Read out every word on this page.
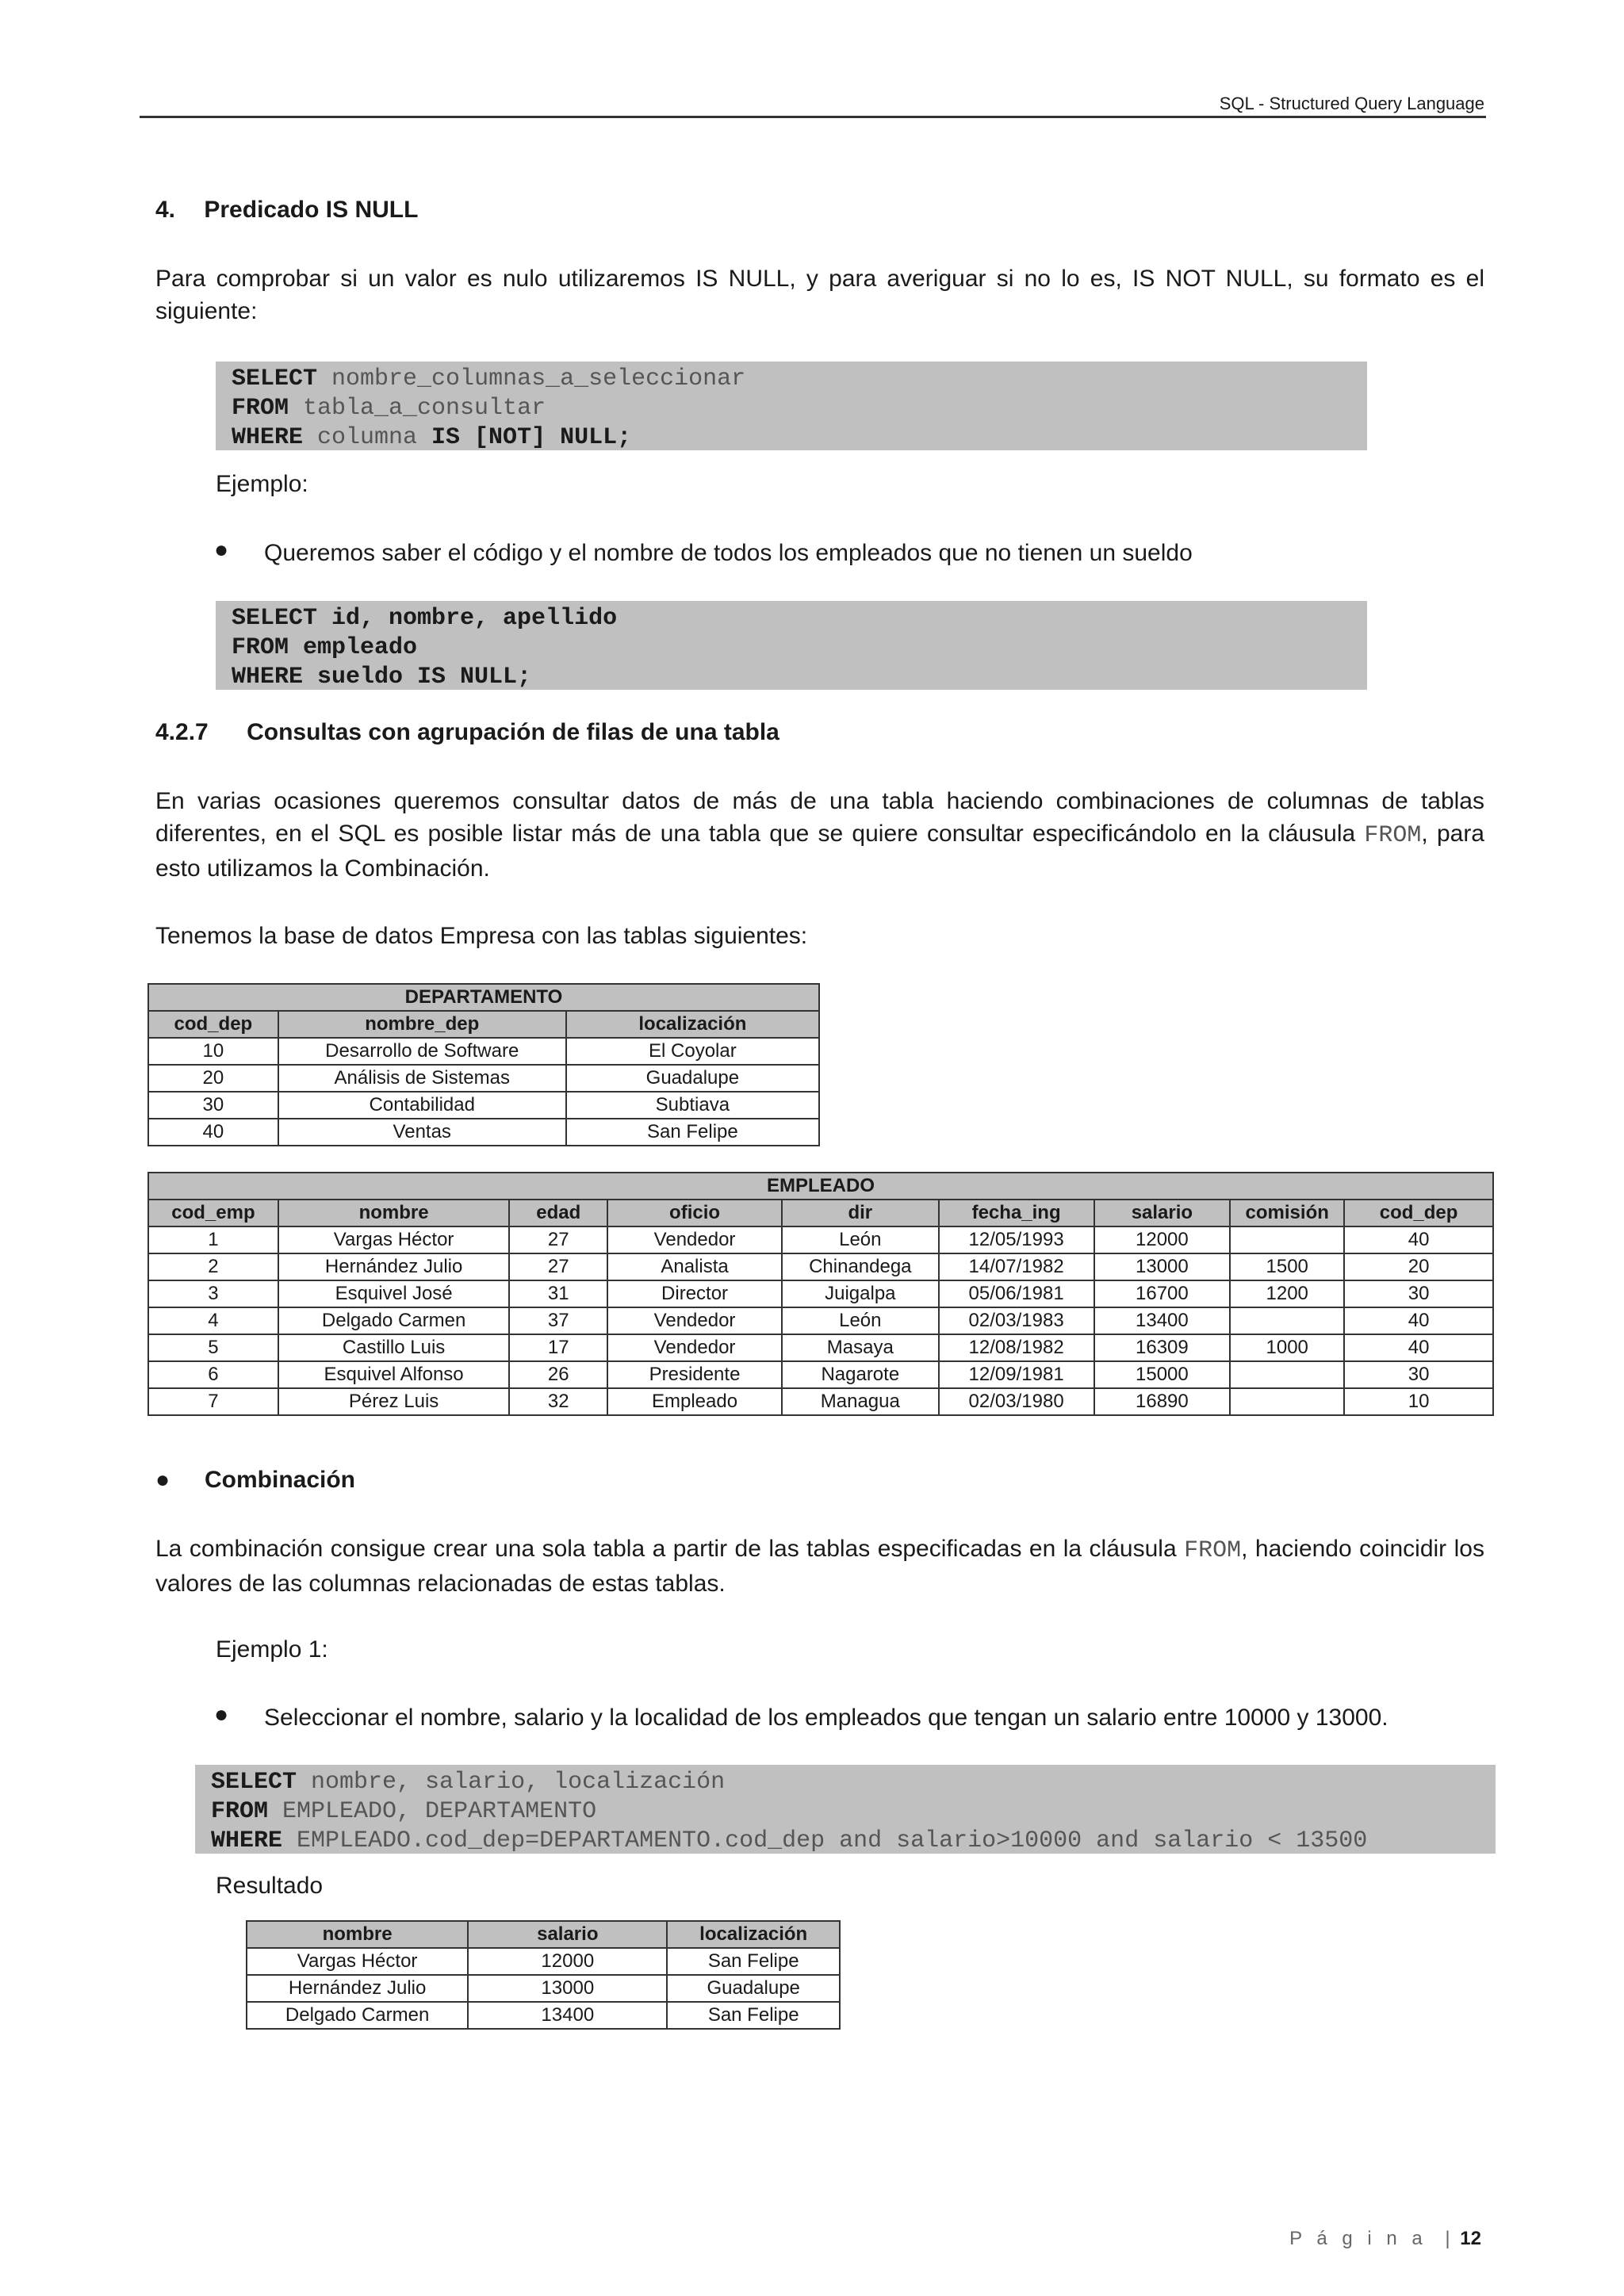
SQL - Structured Query Language
4. Predicado IS NULL
Para comprobar si un valor es nulo utilizaremos IS NULL, y para averiguar si no lo es, IS NOT NULL, su formato es el siguiente:
SELECT nombre_columnas_a_seleccionar
FROM tabla_a_consultar
WHERE columna IS [NOT] NULL;
Ejemplo:
● Queremos saber el código y el nombre de todos los empleados que no tienen un sueldo
SELECT id, nombre, apellido
FROM empleado
WHERE sueldo IS NULL;
4.2.7 Consultas con agrupación de filas de una tabla
En varias ocasiones queremos consultar datos de más de una tabla haciendo combinaciones de columnas de tablas diferentes, en el SQL es posible listar más de una tabla que se quiere consultar especificándolo en la cláusula FROM, para esto utilizamos la Combinación.
Tenemos la base de datos Empresa con las tablas siguientes:
DEPARTAMENTO		
cod_dep	nombre_dep	localización
10	Desarrollo de Software	El Coyolar
20	Análisis de Sistemas	Guadalupe
30	Contabilidad	Subtiava
40	Ventas	San Felipe
EMPLEADO								
cod_emp	nombre	edad	oficio	dir	fecha_ing	salario	comisión	cod_dep
1	Vargas Héctor	27	Vendedor	León	12/05/1993	12000		40
2	Hernández Julio	27	Analista	Chinandega	14/07/1982	13000	1500	20
3	Esquivel José	31	Director	Juigalpa	05/06/1981	16700	1200	30
4	Delgado Carmen	37	Vendedor	León	02/03/1983	13400		40
5	Castillo Luis	17	Vendedor	Masaya	12/08/1982	16309	1000	40
6	Esquivel Alfonso	26	Presidente	Nagarote	12/09/1981	15000		30
7	Pérez Luis	32	Empleado	Managua	02/03/1980	16890		10
● Combinación
La combinación consigue crear una sola tabla a partir de las tablas especificadas en la cláusula FROM, haciendo coincidir los valores de las columnas relacionadas de estas tablas.
Ejemplo 1:
● Seleccionar el nombre, salario y la localidad de los empleados que tengan un salario entre 10000 y 13000.
SELECT nombre, salario, localización
FROM EMPLEADO, DEPARTAMENTO
WHERE EMPLEADO.cod_dep=DEPARTAMENTO.cod_dep and salario>10000 and salario < 13500
Resultado
nombre	salario	localización
Vargas Héctor	12000	San Felipe
Hernández Julio	13000	Guadalupe
Delgado Carmen	13400	San Felipe
P á g i n a | 12
